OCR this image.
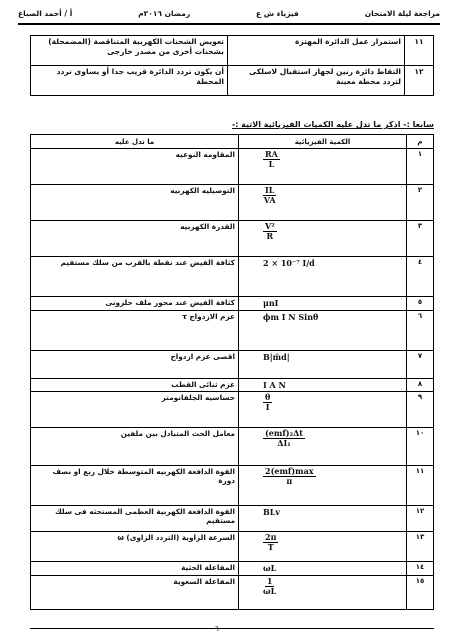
مراجعة ليلة الامتحان
فيزياء ش ع
رمضان ٢٠١٦م
أ / أحمد الصباغ
١١	استمرار عمل الدائرة المهتزة	تعويض الشحنات الكهربية المتناقصة (المضمحلة) بشحنات أخرى من مصدر خارجى
١٢	التقاط دائرة رنين لجهاز استقبال لاسلكى لتردد محطة معينة	أن يكون تردد الدائرة قريب جدا أو يساوى تردد المحطة
سابعا :- اذكر ما تدل عليه الكميات الفيزيائية الاتية :-
م	الكمية الفيزيائية	ما تدل عليه
١	$\frac{RA}{L}$	المقاومه النوعيه
٢	$\frac{IL}{VA}$	التوصيليه الكهربيه
٣	$\frac{\text{V²}}{R}$	القدرة الكهربيه
٤	2 × 10⁻⁷ I/d	كثافة الفيض عند نقطة بالقرب من سلك مستقيم
٥	μnI	كثافة الفيض عند محور ملف حلزونى
٦	ϕm I N Sinθ	عزم الازدواج τ
٧	B|m̄d|	اقصى عزم ازدواج
٨	I A N	عزم ثنائى القطب
٩	$\frac{\theta}{I}$	حساسيه الجلفانومتر
١٠	$\frac{\text{(emf)₂Δt}}{\text{ΔI₁}}$	معامل الحث المتبادل بين ملفين
١١	$\frac{\text{2(emf)max}}{\pi}$	القوة الدافعة الكهربيه المتوسطة خلال ربع او نصف دورة
١٢	BLv	القوة الدافعة الكهربية العظمى المستحثه فى سلك مستقيم
١٣	$\frac{2\pi}{T}$	السرعة الزاوية (التردد الزاوى) ω
١٤	ωL	المفاعلة الحثية
١٥	$\frac{1}{\omega L}$	المفاعلة السعوية
٦
